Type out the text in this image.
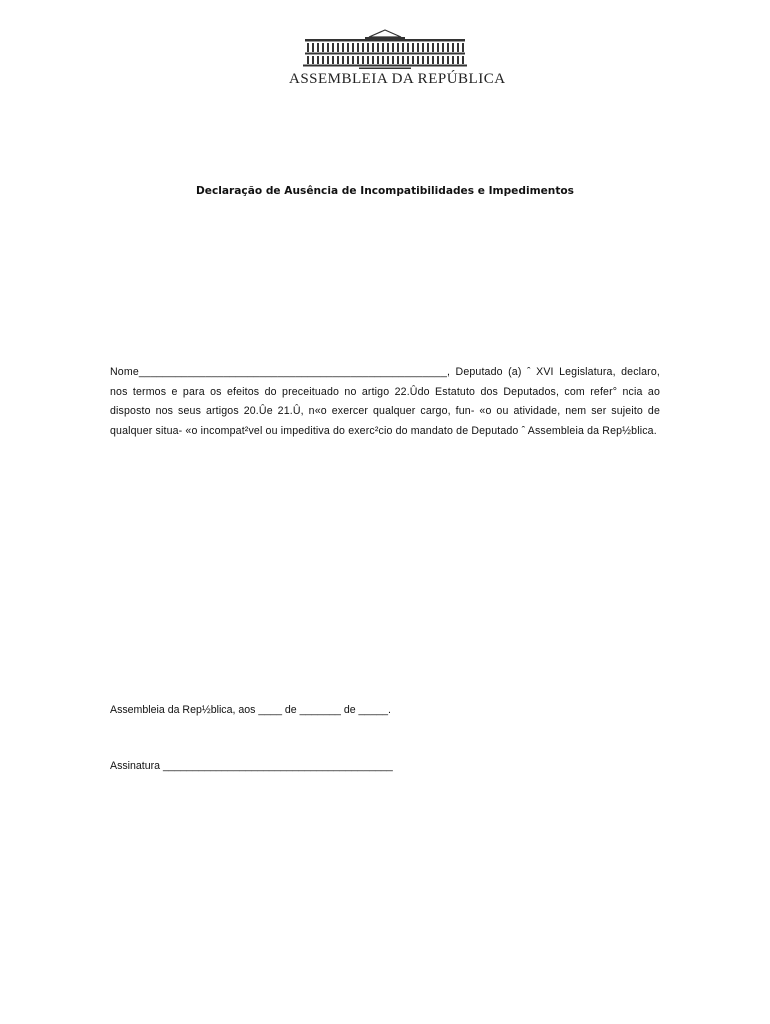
ASSEMBLEIA DA REPÚBLICA
Declaração de Ausência de Incompatibilidades e Impedimentos
Nome___________________________________________________, Deputado (a) ˆ XVI Legislatura, declaro, nos termos e para os efeitos do preceituado no artigo 22.Ûdo Estatuto dos Deputados, com refer° ncia ao disposto nos seus artigos 20.Ûe 21.Û, n«o exercer qualquer cargo, fun- «o ou atividade, nem ser sujeito de qualquer situa- «o incompat²vel ou impeditiva do exerc²cio do mandato de Deputado ˆ Assembleia da Rep½blica.
Assembleia da Rep½blica, aos ____ de _______ de _____.
Assinatura _______________________________________
